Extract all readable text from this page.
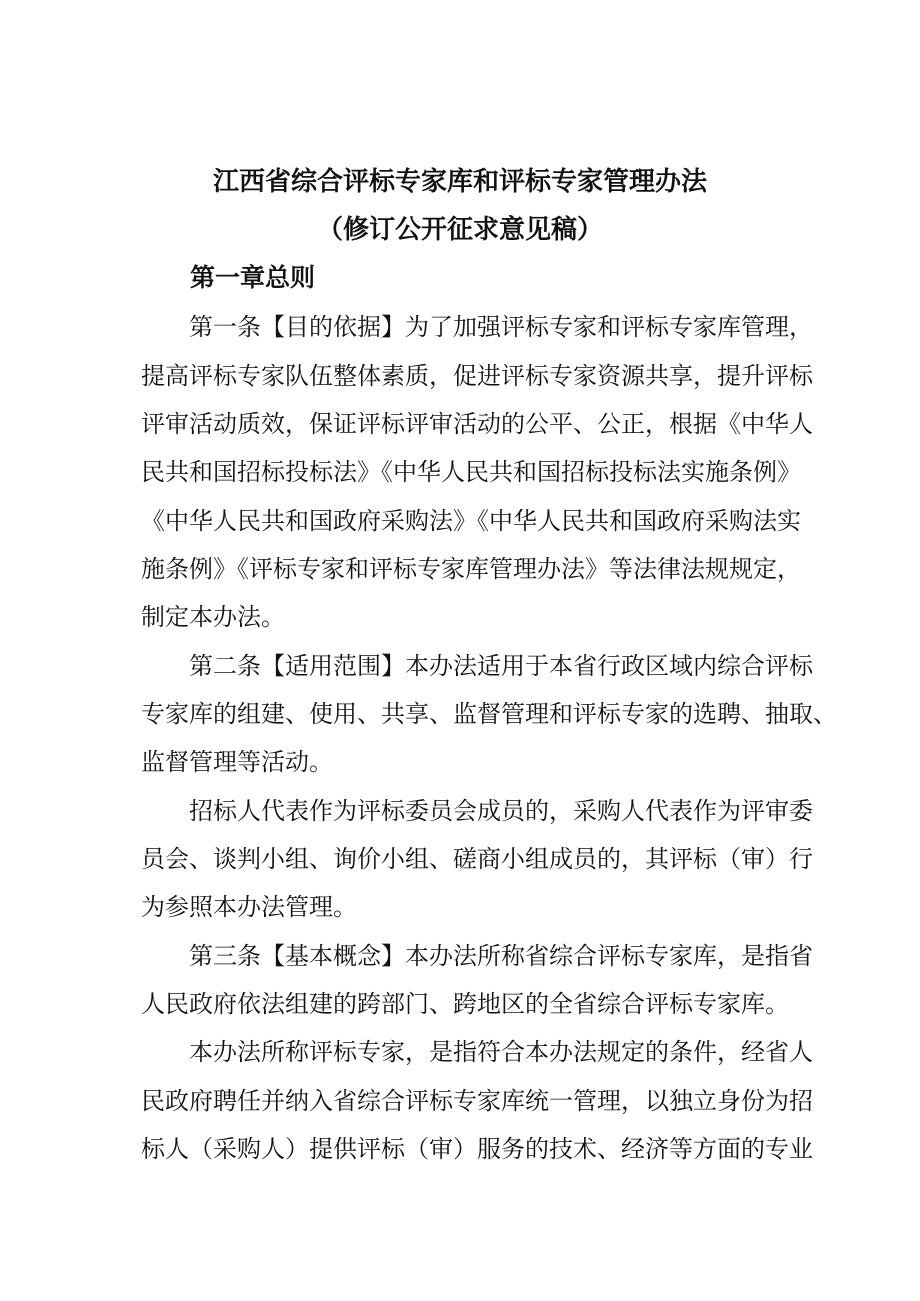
江西省综合评标专家库和评标专家管理办法
（修订公开征求意见稿）
第一章总则
第一条【目的依据】为了加强评标专家和评标专家库管理，
提高评标专家队伍整体素质，促进评标专家资源共享，提升评标
评审活动质效，保证评标评审活动的公平、公正，根据《中华人
民共和国招标投标法》《中华人民共和国招标投标法实施条例》
《中华人民共和国政府采购法》《中华人民共和国政府采购法实
施条例》《评标专家和评标专家库管理办法》等法律法规规定，
制定本办法。
第二条【适用范围】本办法适用于本省行政区域内综合评标
专家库的组建、使用、共享、监督管理和评标专家的选聘、抽取、
监督管理等活动。
招标人代表作为评标委员会成员的，采购人代表作为评审委
员会、谈判小组、询价小组、磋商小组成员的，其评标（审）行
为参照本办法管理。
第三条【基本概念】本办法所称省综合评标专家库，是指省
人民政府依法组建的跨部门、跨地区的全省综合评标专家库。
本办法所称评标专家，是指符合本办法规定的条件，经省人
民政府聘任并纳入省综合评标专家库统一管理，以独立身份为招
标人（采购人）提供评标（审）服务的技术、经济等方面的专业
